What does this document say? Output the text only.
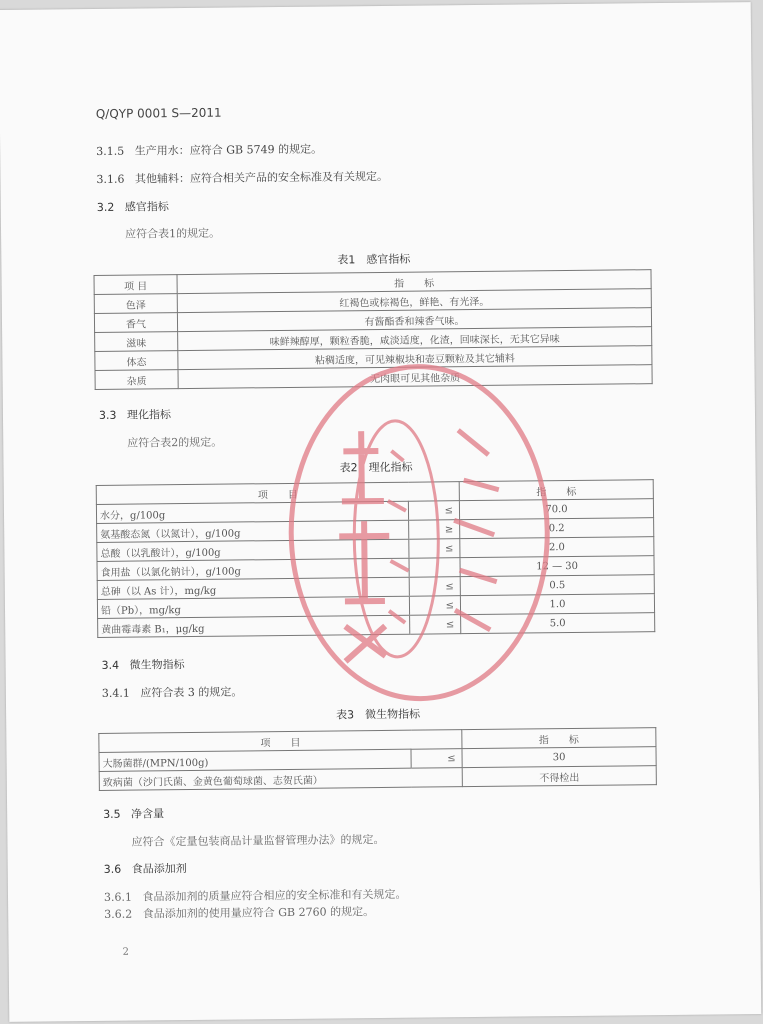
Q/QYP 0001 S—2011
3.1.5 生产用水：应符合 GB 5749 的规定。
3.1.6 其他辅料：应符合相关产品的安全标准及有关规定。
3.2 感官指标
应符合表1的规定。
表1　感官指标
项 目	指　　标
色泽	红褐色或棕褐色，鲜艳、有光泽。
香气	有酱酯香和辣香气味。
滋味	味鲜辣醇厚，颗粒香脆，咸淡适度，化渣，回味深长，无其它异味
体态	粘稠适度，可见辣椒块和壶豆颗粒及其它辅料
杂质	无肉眼可见其他杂质
3.3 理化指标
应符合表2的规定。
表2　理化指标
项　　目		指　　标
水分，g/100g	≤	70.0
氨基酸态氮（以氮计），g/100g	≥	0.2
总酸（以乳酸计），g/100g	≤	2.0
食用盐（以氯化钠计），g/100g		12 — 30
总砷（以 As 计），mg/kg	≤	0.5
铅（Pb），mg/kg	≤	1.0
黄曲霉毒素 B₁，μg/kg	≤	5.0
3.4 微生物指标
3.4.1 应符合表 3 的规定。
表3　微生物指标
项　　目		指　　标
大肠菌群/(MPN/100g)	≤	30
致病菌（沙门氏菌、金黄色葡萄球菌、志贺氏菌）		不得检出
3.5 净含量
应符合《定量包装商品计量监督管理办法》的规定。
3.6 食品添加剂
3.6.1 食品添加剂的质量应符合相应的安全标准和有关规定。
3.6.2 食品添加剂的使用量应符合 GB 2760 的规定。
2
